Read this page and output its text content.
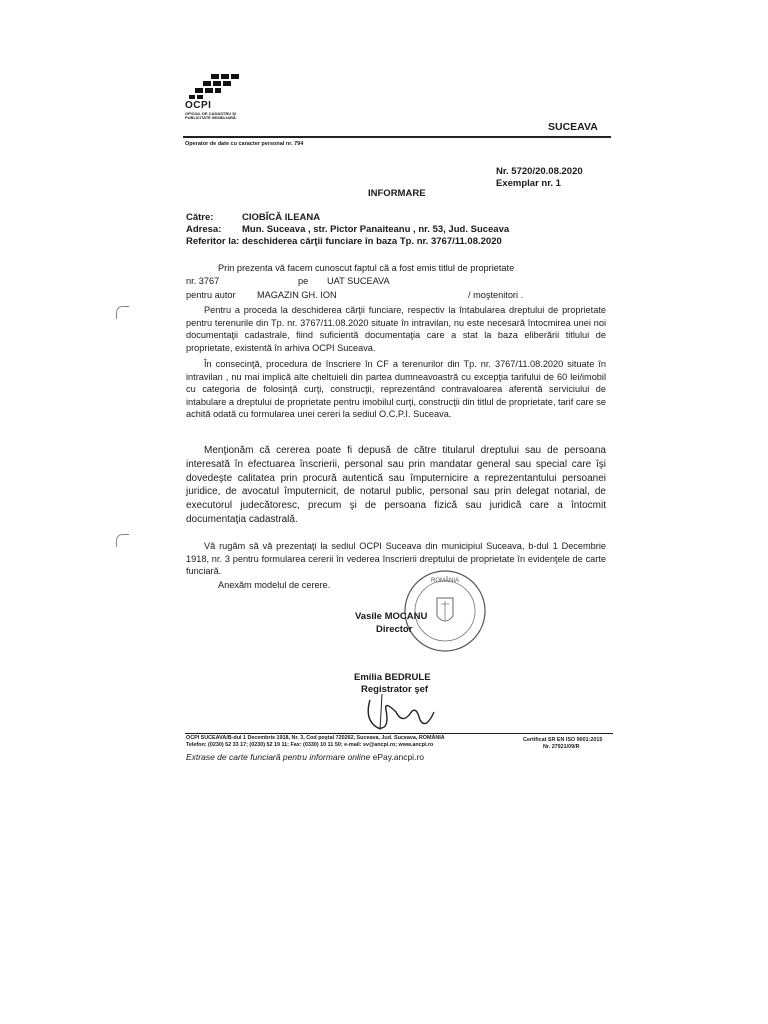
OCPI
OFICIUL DE CADASTRU ȘI PUBLICITATE IMOBILIARĂ
SUCEAVA
Operator de date cu caracter personal nr. 794
Nr. 5720/20.08.2020
Exemplar nr. 1
INFORMARE
Către:	CIOBÎCĂ ILEANA
Adresa: Mun. Suceava , str. Pictor Panaiteanu , nr. 53, Jud. Suceava
Referitor la: deschiderea cărţii funciare în baza Tp. nr. 3767/11.08.2020
Prin prezenta vă facem cunoscut faptul că a fost emis titlul de proprietate
nr. 3767	pe UAT SUCEAVA
pentru autor MAGAZIN GH. ION	/ moştenitori .
Pentru a proceda la deschiderea cărţii funciare, respectiv la întabularea dreptului de proprietate pentru terenurile din Tp. nr. 3767/11.08.2020 situate în intravilan, nu este necesară întocmirea unei noi documentaţii cadastrale, fiind suficientă documentaţia care a stat la baza eliberării titlului de proprietate, existentă în arhiva OCPI Suceava.
În consecinţă, procedura de înscriere în CF a terenurilor din Tp. nr. 3767/11.08.2020 situate în intravilan , nu mai implică alte cheltuieli din partea dumneavoastră cu excepţia tarifului de 60 lei/imobil cu categoria de folosinţă curţi, construcţii, reprezentând contravaloarea aferentă serviciului de intabulare a dreptului de proprietate pentru imobilul curţi, construcţii din titlul de proprietate, tarif care se achită odată cu formularea unei cereri la sediul O.C.P.I. Suceava.
Menţionăm că cererea poate fi depusă de către titularul dreptului sau de persoana interesată în efectuarea înscrierii, personal sau prin mandatar general sau special care îşi dovedeşte calitatea prin procură autentică sau împuternicire a reprezentantului persoanei juridice, de avocatul împuternicit, de notarul public, personal sau prin delegat notarial, de executorul judecătoresc, precum şi de persoana fizică sau juridică care a întocmit documentaţia cadastrală.
Vă rugăm să vă prezentaţi la sediul OCPI Suceava din municipiul Suceava, b-dul 1 Decembrie 1918, nr. 3 pentru formularea cererii în vederea înscrierii dreptului de proprietate în evidenţele de carte funciară.
Anexăm modelul de cerere.	ROMÂNIA
Vasile MOCANU
Director
Emilia BEDRULE
Registrator şef
OCPI SUCEAVA/B-dul 1 Decembrie 1918, Nr. 3, Cod poştal 720262, Suceava, Jud. Suceava, ROMÂNIA
Telefon: (0230) 52 33 17; (0230) 52 19 11; Fax: (0330) 10 11 50; e-mail: sv@ancpi.ro; www.ancpi.ro
Certificat SR EN ISO 9001:2015
Nr. 27921/09/R
Extrase de carte funciară pentru informare online ePay.ancpi.ro
